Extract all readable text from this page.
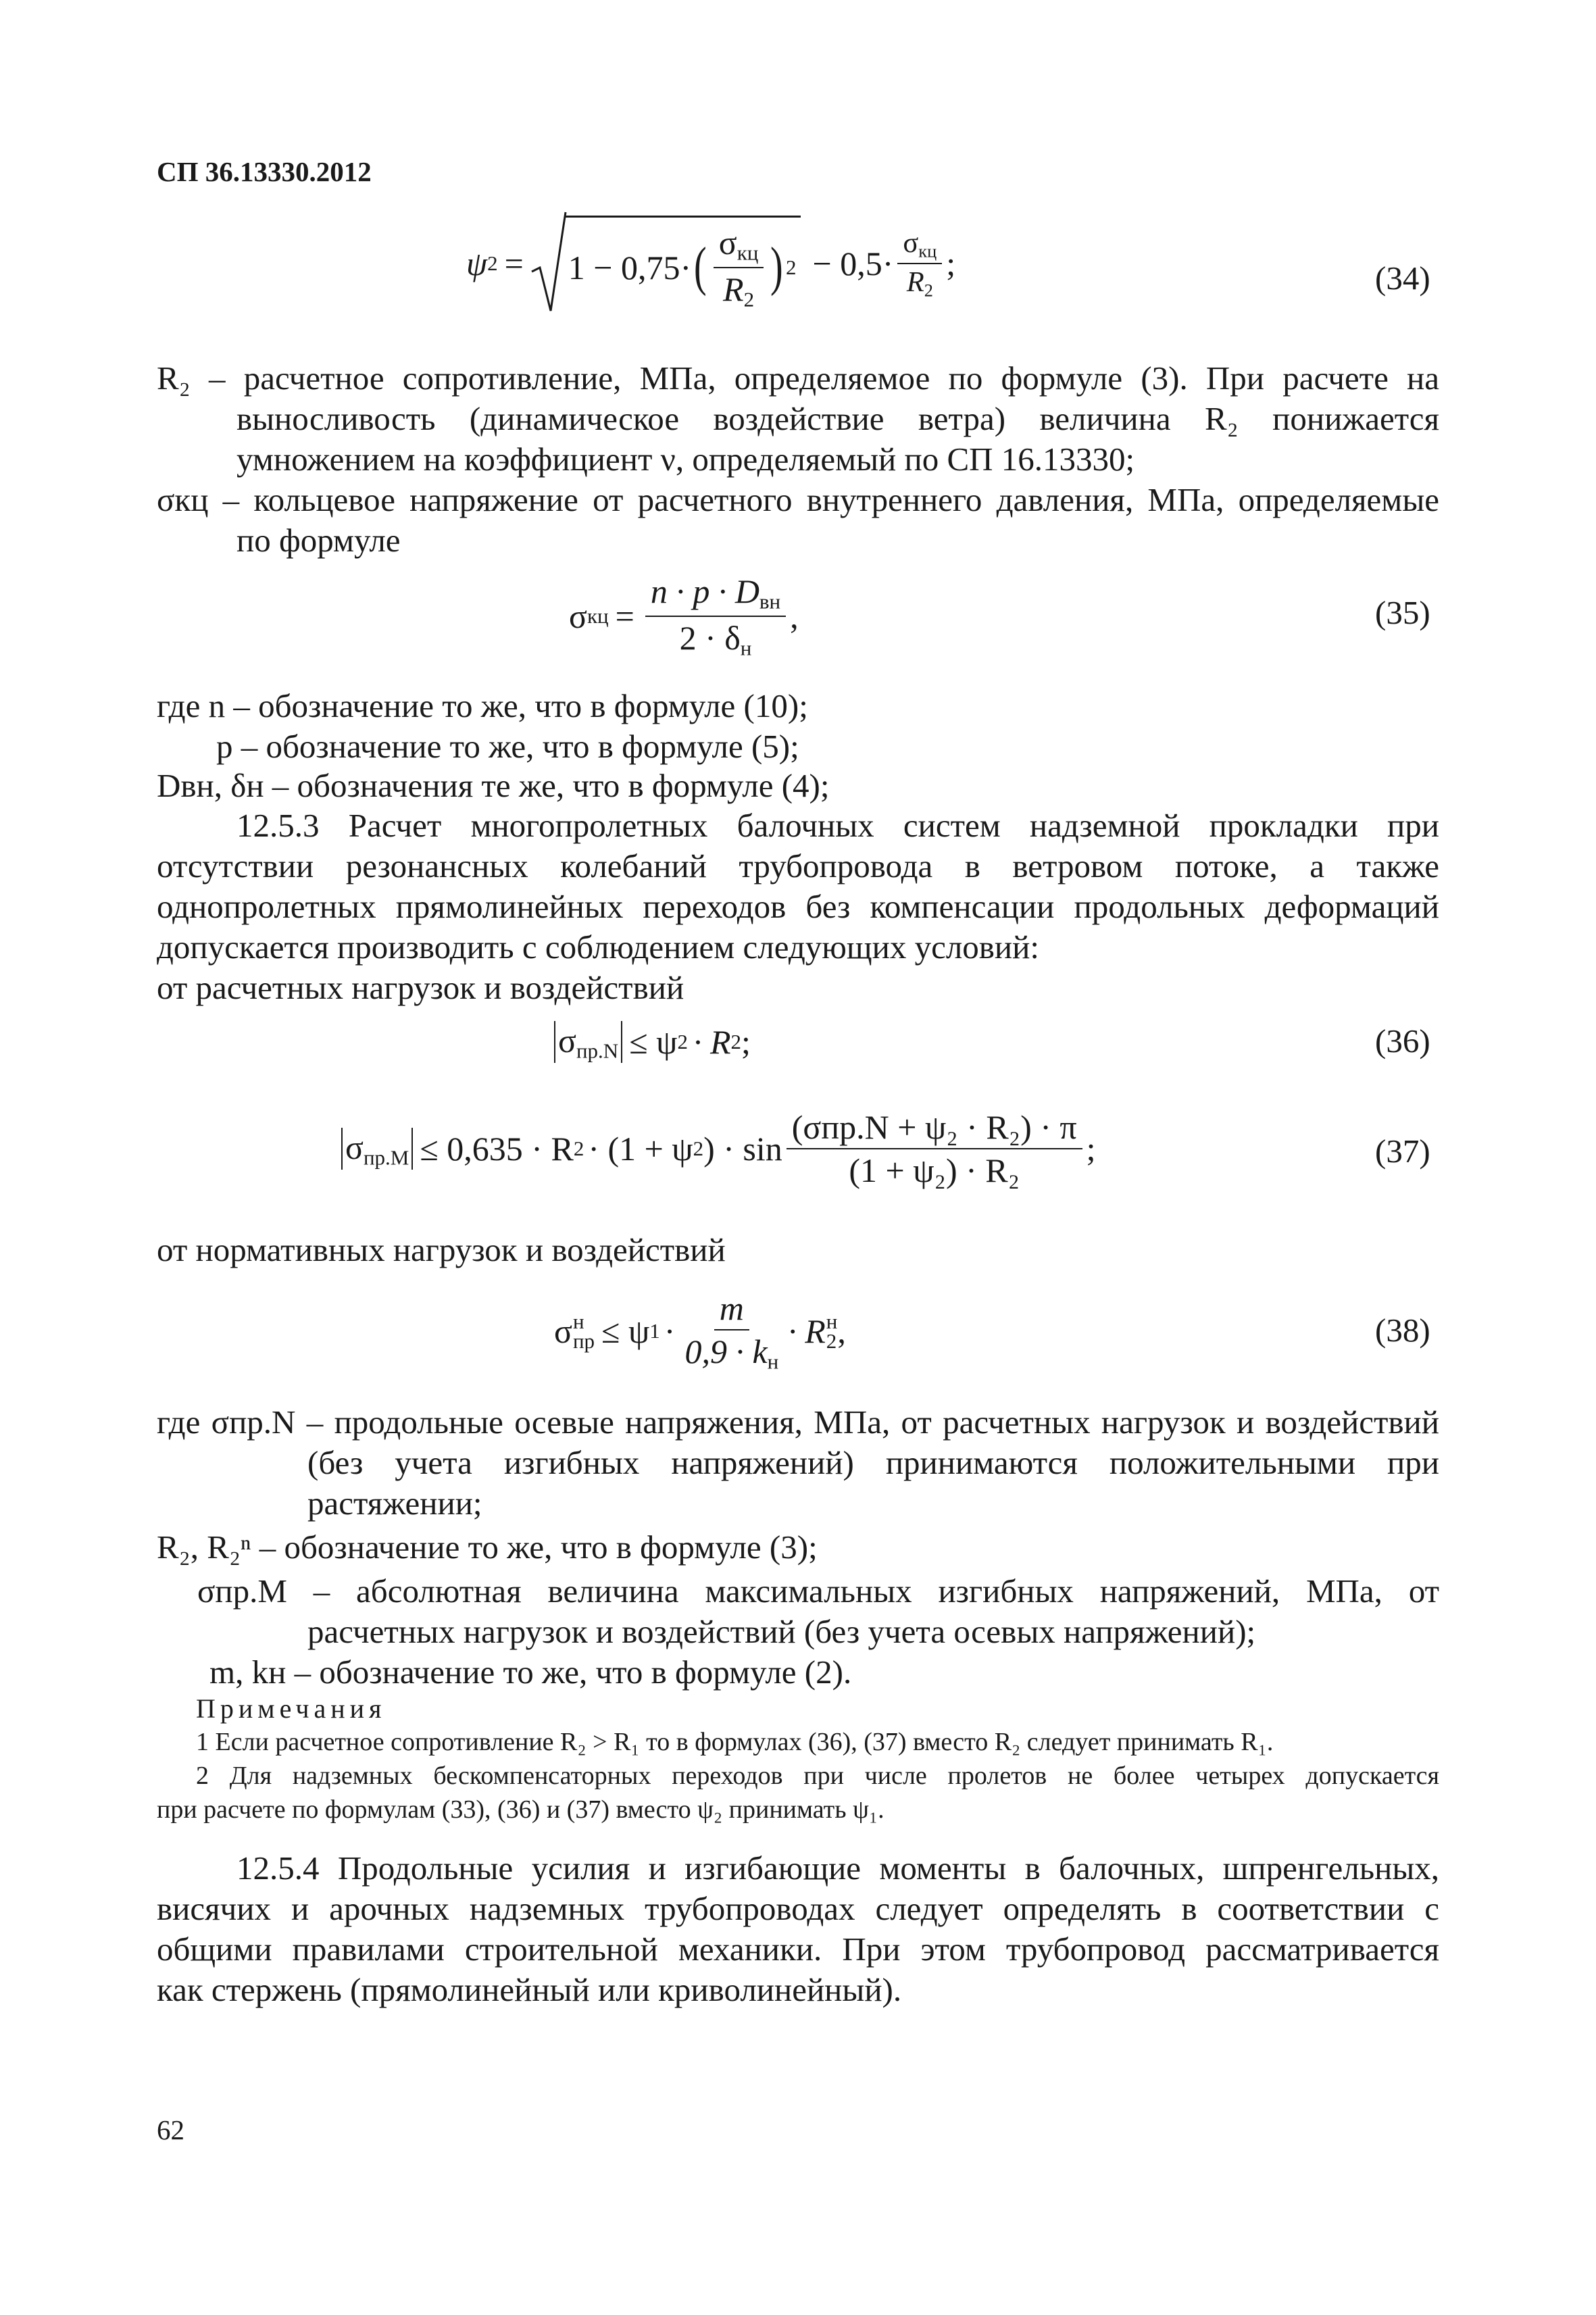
СП 36.13330.2012
ψ 2 = 1 − 0,75· ( $\frac{\sigma_{кц}}{R_2}$ ) $2 - 0,5\cdot \frac{\sigma_{кц}}{R_2}$ ;	(34)
R₂ – расчетное сопротивление, МПа, определяемое по формуле (3). При расчете на
выносливость (динамическое воздействие ветра) величина R₂ понижается
умножением на коэффициент ν, определяемый по СП 16.13330;
σкц – кольцевое напряжение от расчетного внутреннего давления, МПа, определяемые
по формуле
σ кц = $\frac{n \cdot p \cdot D_{вн}}{2 \cdot \delta_н}$ ,	(35)
где n – обозначение то же, что в формуле (10);
p – обозначение то же, что в формуле (5);
Dвн, δн – обозначения те же, что в формуле (4);
12.5.3 Расчет многопролетных балочных систем надземной прокладки при
отсутствии резонансных колебаний трубопровода в ветровом потоке, а также
однопролетных прямолинейных переходов без компенсации продольных деформаций
допускается производить с соблюдением следующих условий:
от расчетных нагрузок и воздействий
$\sigma_{пр.N} \le \psi$ 2 · R 2 ;	(36)
$\sigma_{пр.M} \le 0,635 \cdot R$ 2 · (1 + ψ 2 ) · $\sin \frac{\text{(σпр.N + ψ₂ · R₂) · π}}{\text{(1 + ψ₂) · R₂}}$ ;	(37)
от нормативных нагрузок и воздействий
σ н
пр ≤ ψ $1 \cdot \frac{m}{0,9 \cdot k_н} \cdot R$ н
2 ,	(38)
где σпр.N – продольные осевые напряжения, МПа, от расчетных нагрузок и воздействий
(без учета изгибных напряжений) принимаются положительными при
растяжении;
R₂, R₂ⁿ – обозначение то же, что в формуле (3);
σпр.M – абсолютная величина максимальных изгибных напряжений, МПа, от
расчетных нагрузок и воздействий (без учета осевых напряжений);
m, kн – обозначение то же, что в формуле (2).
Примечания
1 Если расчетное сопротивление R₂ > R₁ то в формулах (36), (37) вместо R₂ следует принимать R₁.
2 Для надземных бескомпенсаторных переходов при числе пролетов не более четырех допускается
при расчете по формулам (33), (36) и (37) вместо ψ₂ принимать ψ₁.
12.5.4 Продольные усилия и изгибающие моменты в балочных, шпренгельных,
висячих и арочных надземных трубопроводах следует определять в соответствии с
общими правилами строительной механики. При этом трубопровод рассматривается
как стержень (прямолинейный или криволинейный).
62
